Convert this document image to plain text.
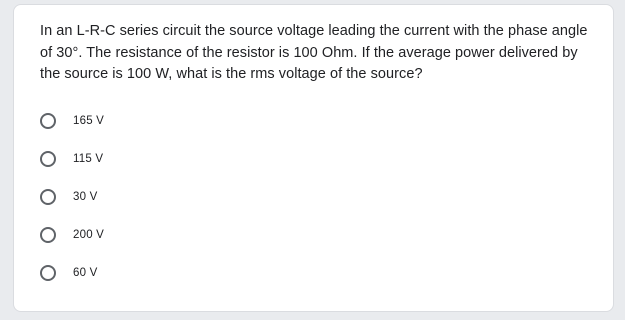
In an L-R-C series circuit the source voltage leading the current with the phase angle of 30°. The resistance of the resistor is 100 Ohm. If the average power delivered by the source is 100 W, what is the rms voltage of the source?

165 V
115 V
30 V
200 V
60 V
